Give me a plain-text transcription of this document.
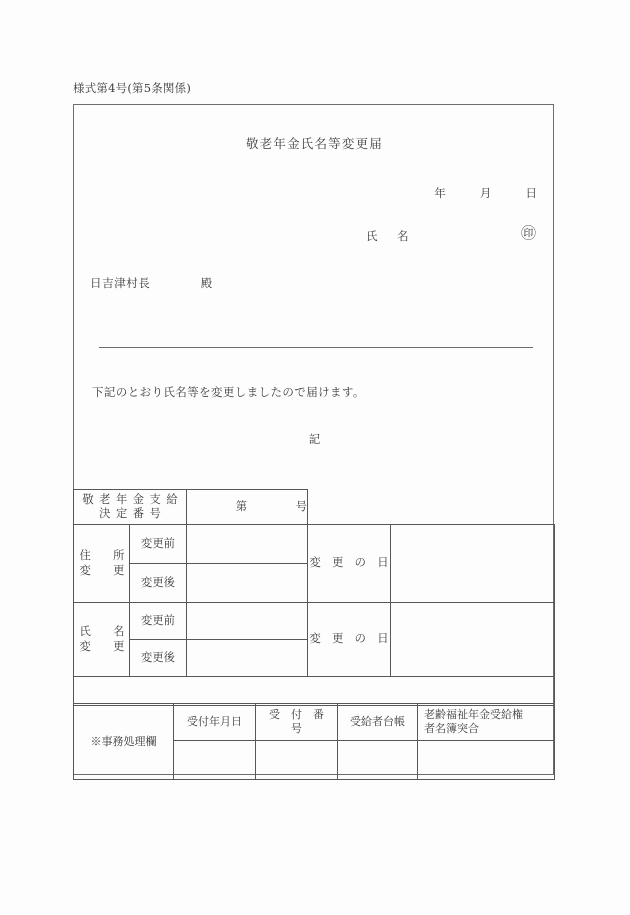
様式第4号(第5条関係)
敬老年金氏名等変更届
年	月	日
氏　名	㊞
日吉津村長	殿
下記のとおり氏名等を変更しましたので届けます。
記
敬老年金支給
決定番号		第 号		

住　所
変　更	変更前		変　更　の　日	
	変更後			

氏　名
変　更	変更前		変　更　の　日	
	変更後			

※事務処理欄	受付年月日	受　付　番　号	受給者台帳	老齢福祉年金受給権
者名簿突合
